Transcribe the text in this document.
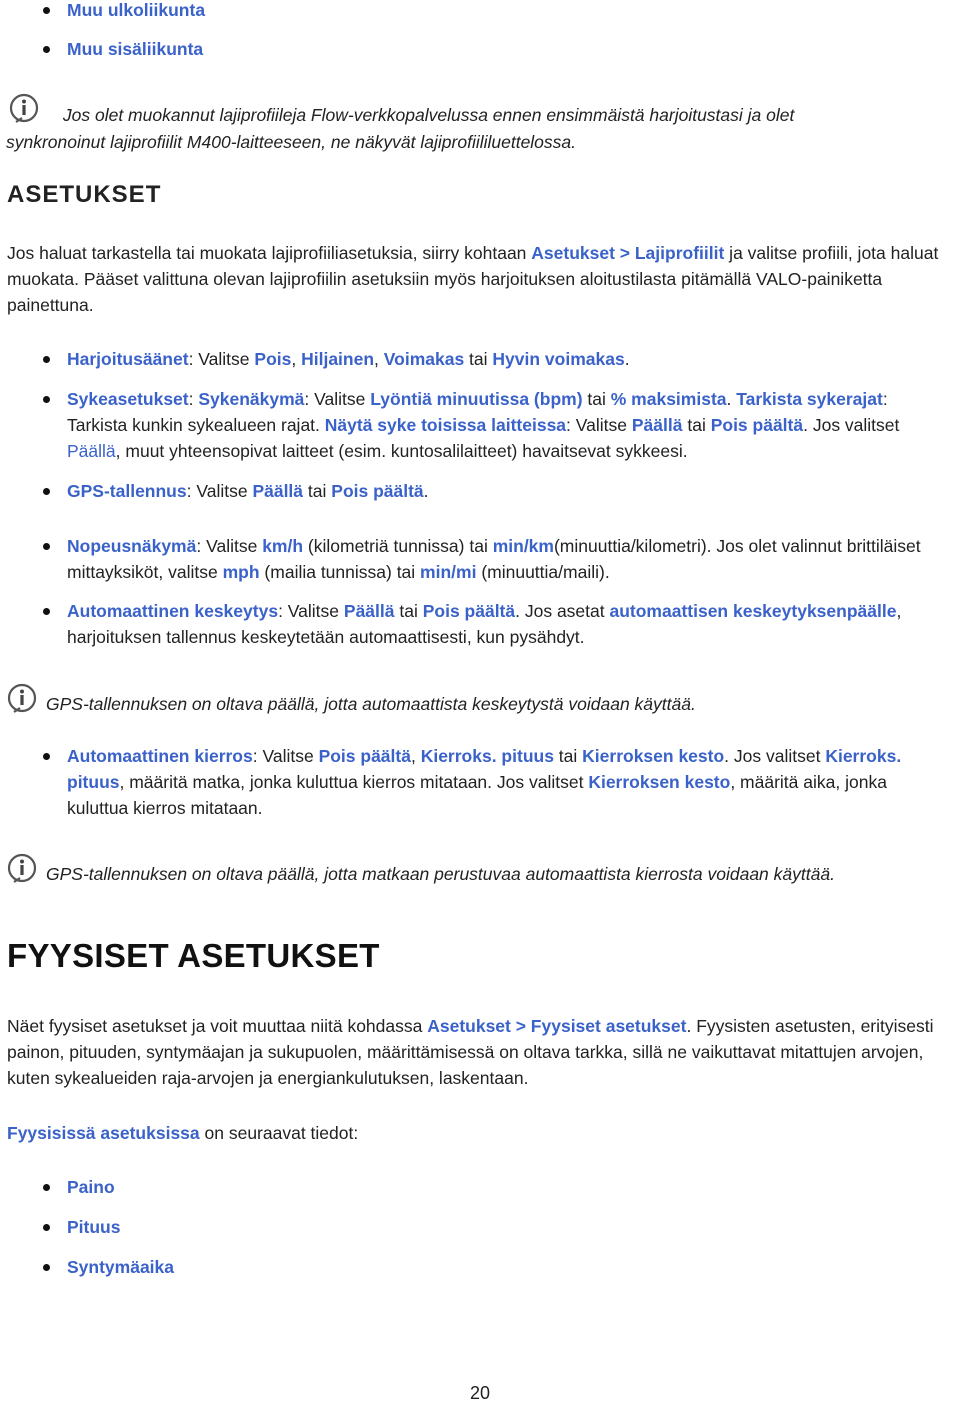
Muu ulkoliikunta
Muu sisäliikunta
Jos olet muokannut lajiprofiileja Flow-verkkopalvelussa ennen ensimmäistä harjoitustasi ja olet

synkronoinut lajiprofiilit M400-laitteeseen, ne näkyvät lajiprofiililuettelossa.
ASETUKSET
Jos haluat tarkastella tai muokata lajiprofiiliasetuksia, siirry kohtaan Asetukset > Lajiprofiilit ja valitse profiili, jota haluat muokata. Pääset valittuna olevan lajiprofiilin asetuksiin myös harjoituksen aloitustilasta pitämällä VALO-painiketta painettuna.
Harjoitusäänet: Valitse Pois, Hiljainen, Voimakas tai Hyvin voimakas.
Sykeasetukset: Sykenäkymä: Valitse Lyöntiä minuutissa (bpm) tai % maksimista. Tarkista sykerajat: Tarkista kunkin sykealueen rajat. Näytä syke toisissa laitteissa: Valitse Päällä tai Pois päältä. Jos valitset Päällä, muut yhteensopivat laitteet (esim. kuntosalilaitteet) havaitsevat sykkeesi.
GPS-tallennus: Valitse Päällä tai Pois päältä.
Nopeusnäkymä: Valitse km/h (kilometriä tunnissa) tai min/km(minuuttia/kilometri). Jos olet valinnut brittiläiset mittayksiköt, valitse mph (mailia tunnissa) tai min/mi (minuuttia/maili).
Automaattinen keskeytys: Valitse Päällä tai Pois päältä. Jos asetat automaattisen keskeytyksenpäälle, harjoituksen tallennus keskeytetään automaattisesti, kun pysähdyt.
GPS-tallennuksen on oltava päällä, jotta automaattista keskeytystä voidaan käyttää.
Automaattinen kierros: Valitse Pois päältä, Kierroks. pituus tai Kierroksen kesto. Jos valitset Kierroks. pituus, määritä matka, jonka kuluttua kierros mitataan. Jos valitset Kierroksen kesto, määritä aika, jonka kuluttua kierros mitataan.
GPS-tallennuksen on oltava päällä, jotta matkaan perustuvaa automaattista kierrosta voidaan käyttää.
FYYSISET ASETUKSET
Näet fyysiset asetukset ja voit muuttaa niitä kohdassa Asetukset > Fyysiset asetukset. Fyysisten asetusten, erityisesti painon, pituuden, syntymäajan ja sukupuolen, määrittämisessä on oltava tarkka, sillä ne vaikuttavat mitattujen arvojen, kuten sykealueiden raja-arvojen ja energiankulutuksen, laskentaan.
Fyysisissä asetuksissa on seuraavat tiedot:
Paino
Pituus
Syntymäaika
20
